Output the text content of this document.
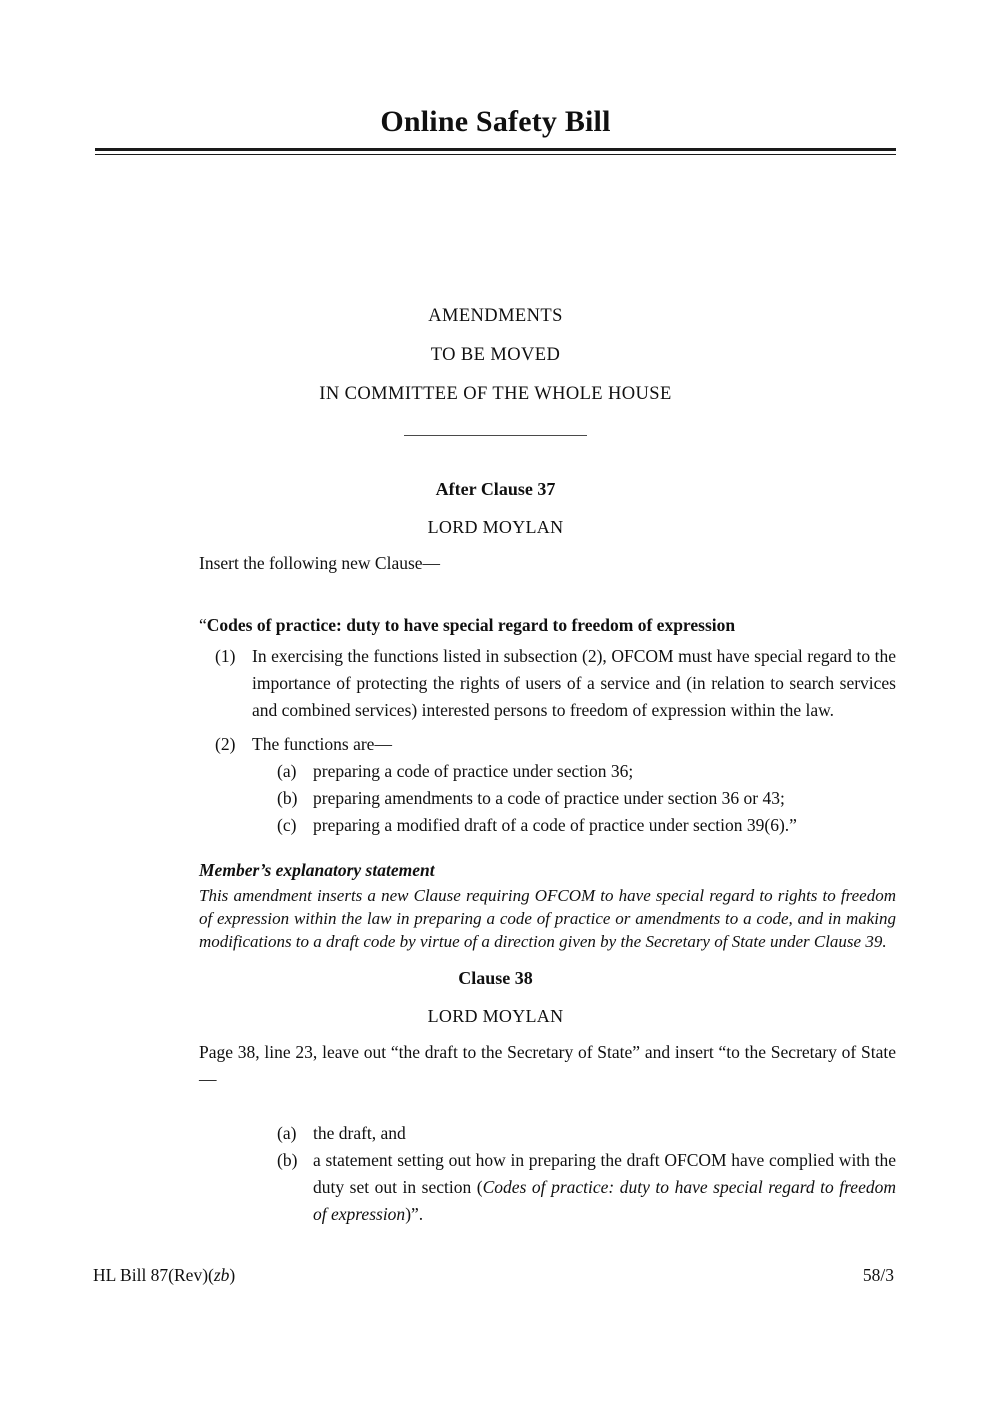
Online Safety Bill
AMENDMENTS
TO BE MOVED
IN COMMITTEE OF THE WHOLE HOUSE
After Clause 37
LORD MOYLAN
Insert the following new Clause—
“Codes of practice: duty to have special regard to freedom of expression
(1) In exercising the functions listed in subsection (2), OFCOM must have special regard to the importance of protecting the rights of users of a service and (in relation to search services and combined services) interested persons to freedom of expression within the law.
(2) The functions are—
(a) preparing a code of practice under section 36;
(b) preparing amendments to a code of practice under section 36 or 43;
(c) preparing a modified draft of a code of practice under section 39(6).”
Member’s explanatory statement
This amendment inserts a new Clause requiring OFCOM to have special regard to rights to freedom of expression within the law in preparing a code of practice or amendments to a code, and in making modifications to a draft code by virtue of a direction given by the Secretary of State under Clause 39.
Clause 38
LORD MOYLAN
Page 38, line 23, leave out “the draft to the Secretary of State” and insert “to the Secretary of State—
(a) the draft, and
(b) a statement setting out how in preparing the draft OFCOM have complied with the duty set out in section (Codes of practice: duty to have special regard to freedom of expression)”.
HL Bill 87(Rev)(zb)	58/3
